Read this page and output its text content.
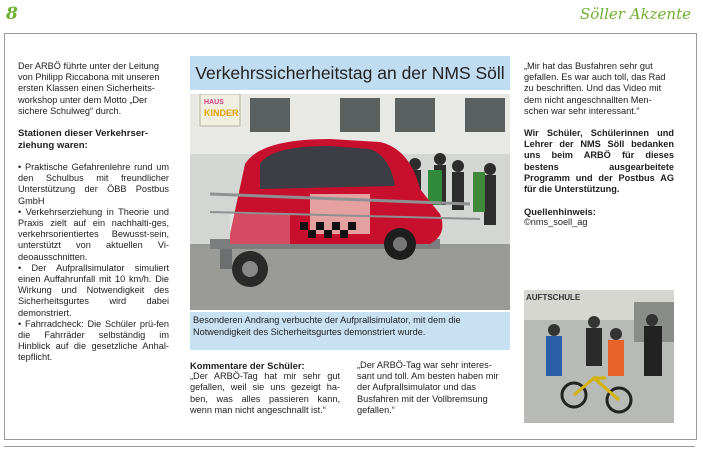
8	Söller Akzente

Der ARBÖ führte unter der Leitung von Philipp Riccabona mit unseren ersten Klassen einen Sicherheits-workshop unter dem Motto „Der sichere Schulweg“ durch.

Stationen dieser Verkehrser-ziehung waren:

• Praktische Gefahrenlehre rund um den Schulbus mit freundlicher Unterstützung der ÖBB Postbus GmbH

• Verkehrserziehung in Theorie und Praxis zielt auf ein nachhalti-ges, verkehrsorientiertes Bewusst-sein, unterstützt von aktuellen Vi-deoausschnitten.

• Der Aufprallsimulator simuliert einen Auffahrunfall mit 10 km/h. Die Wirkung und Notwendigkeit des Sicherheitsgurtes wird dabei demonstriert.

• Fahrradcheck: Die Schüler prü-fen die Fahrräder selbständig im Hinblick auf die gesetzliche Anhal-tepflicht.

Verkehrssicherheitstag an der NMS Söll
HAUS
KINDER
Besonderen Andrang verbuchte der Aufprallsimulator, mit dem die Notwendigkeit des Sicherheitsgurtes demonstriert wurde.
Kommentare der Schüler:

„Der ARBÖ-Tag hat mir sehr gut gefallen, weil sie uns gezeigt ha-ben, was alles passieren kann, wenn man nicht angeschnallt ist.“

„Der ARBÖ-Tag war sehr interes-sant und toll. Am besten haben mir der Aufprallsimulator und das Busfahren mit der Vollbremsung gefallen.“

„Mir hat das Busfahren sehr gut gefallen. Es war auch toll, das Rad zu beschriften. Und das Video mit dem nicht angeschnallten Men-schen war sehr interessant.“

Wir Schüler, Schülerinnen und Lehrer der NMS Söll bedanken uns beim ARBÖ für dieses bestens ausgearbeitete Programm und der Postbus AG für die Unterstützung.

Quellenhinweis:

©nms_soell_ag

AUFTSCHULE
